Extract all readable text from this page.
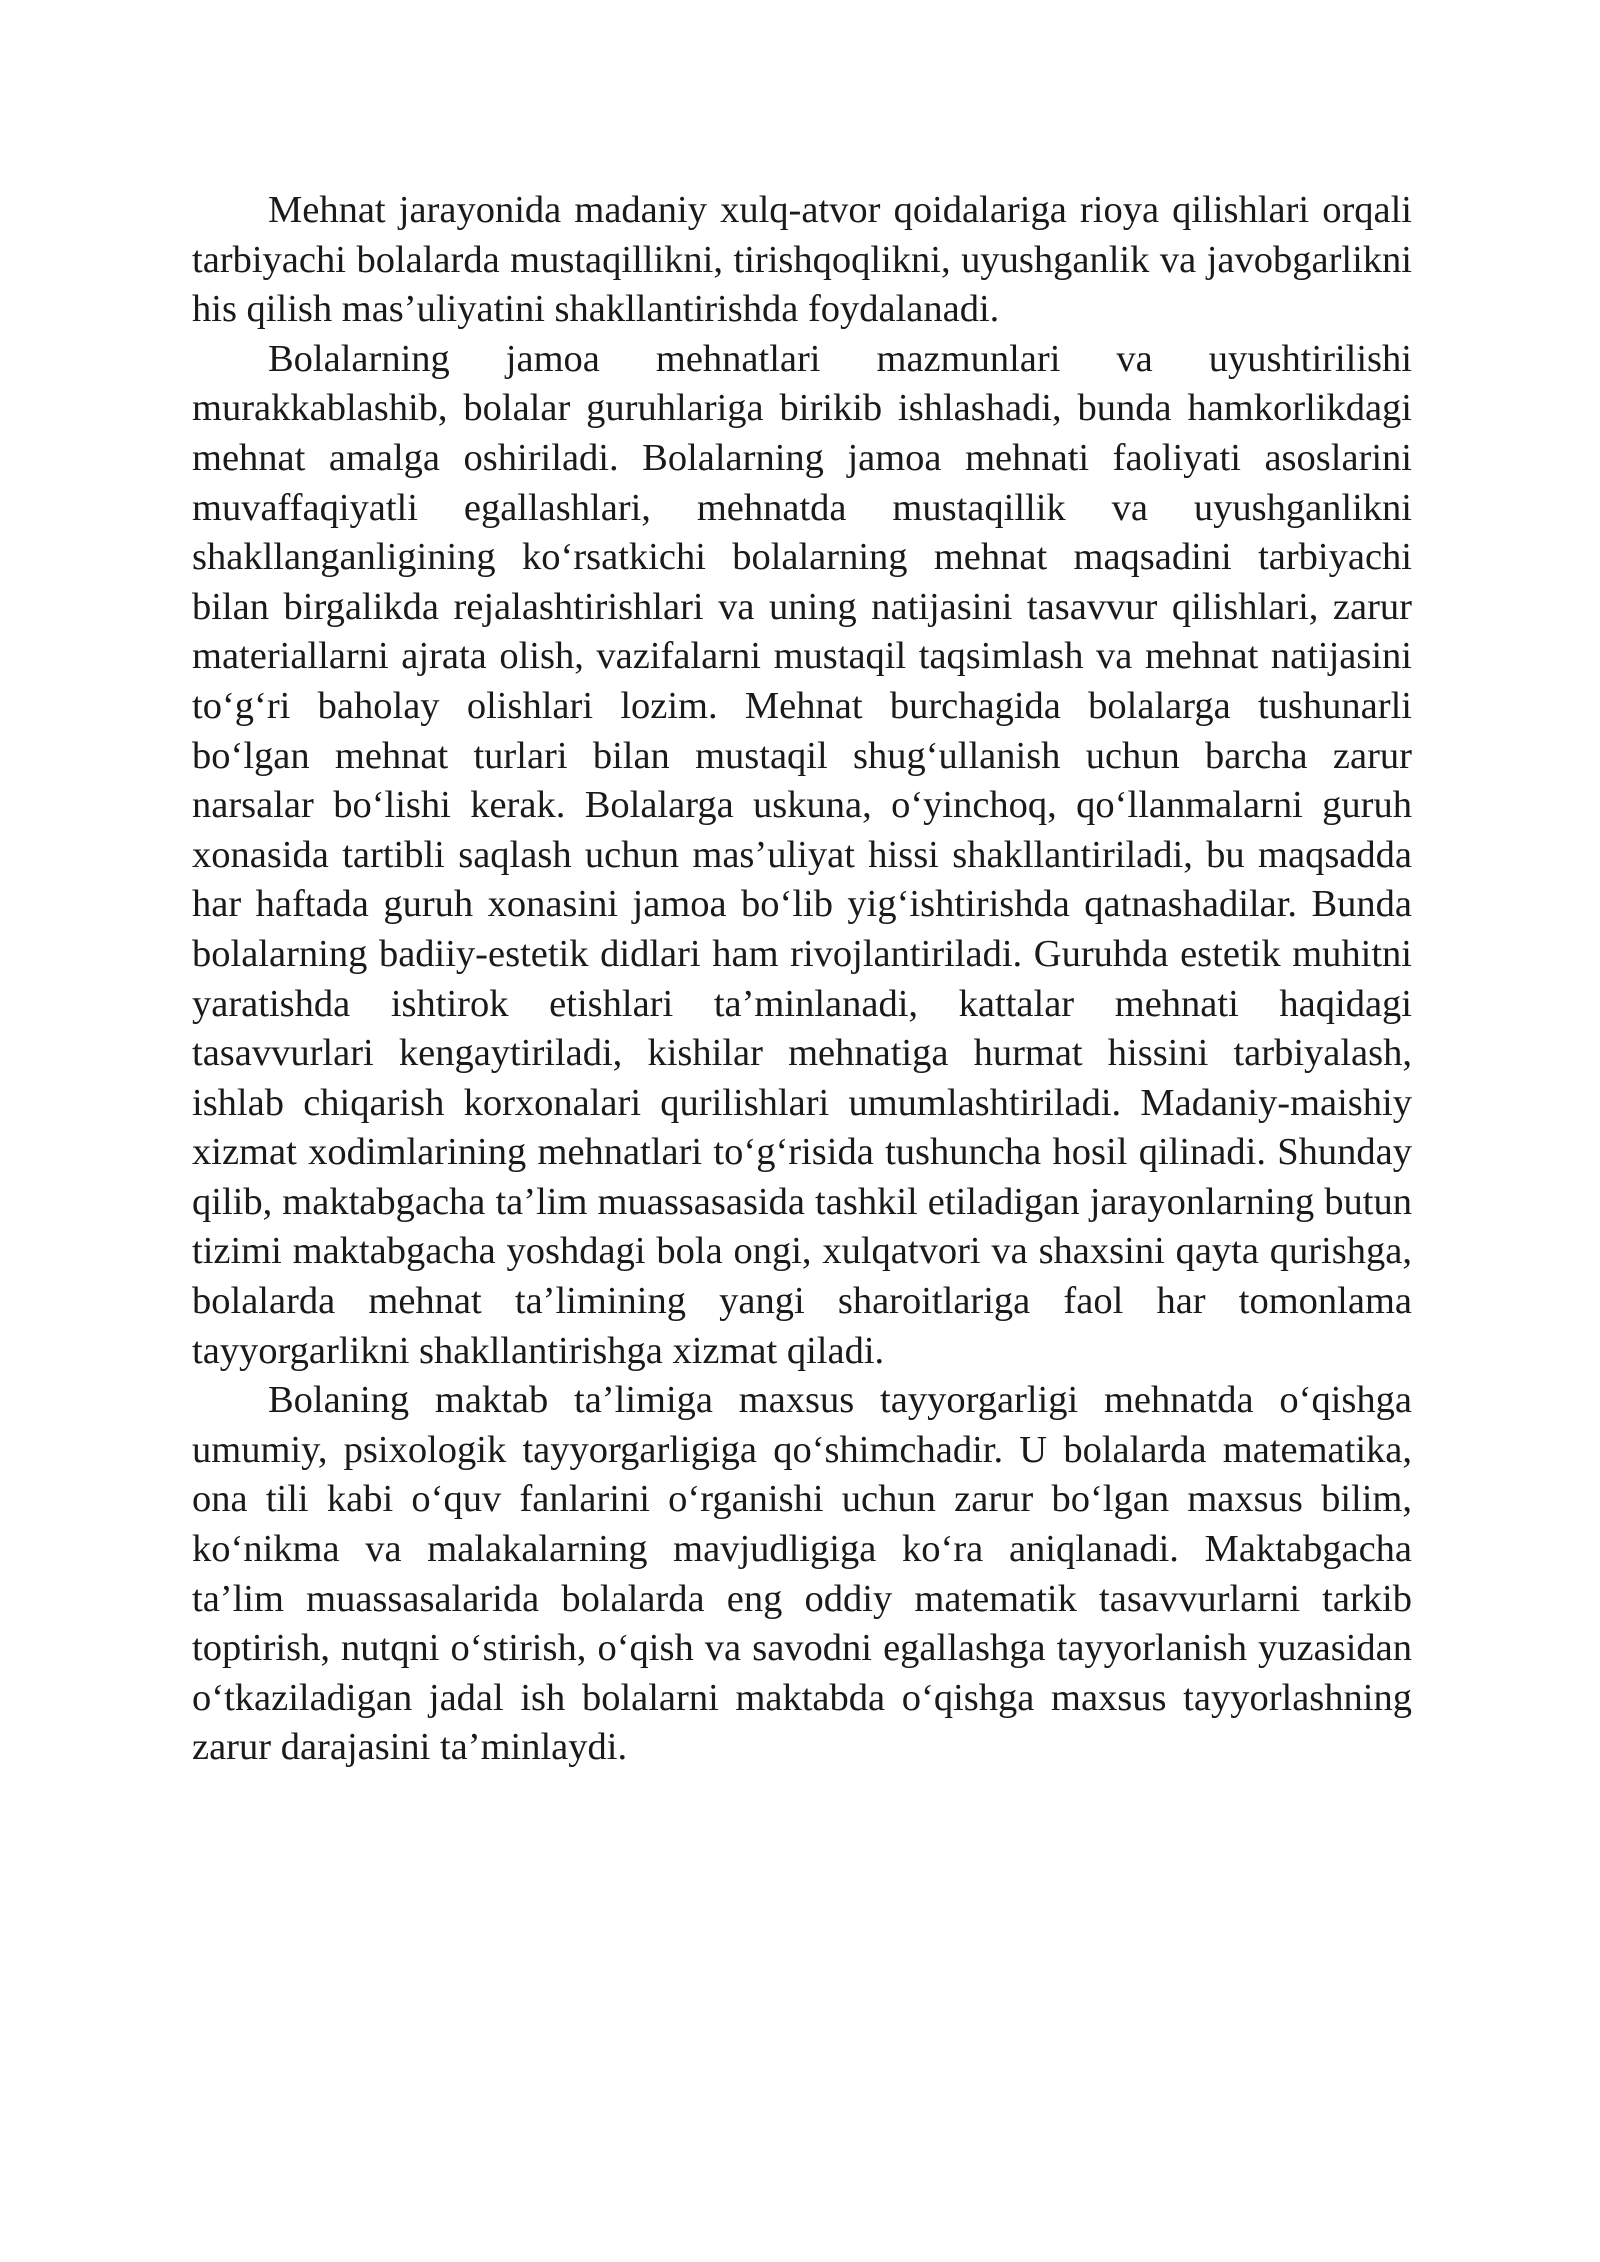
Mehnat jarayonida madaniy xulq-atvor qoidalariga rioya qilishlari orqali tarbiyachi bolalarda mustaqillikni, tirishqoqlikni, uyushganlik va javobgarlikni his qilish mas’uliyatini shakllantirishda foydalanadi.

Bolalarning jamoa mehnatlari mazmunlari va uyushtirilishi murakkablashib, bolalar guruhlariga birikib ishlashadi, bunda hamkorlikdagi mehnat amalga oshiriladi. Bolalarning jamoa mehnati faoliyati asoslarini muvaffaqiyatli egallashlari, mehnatda mustaqillik va uyushganlikni shakllanganligining ko‘rsatkichi bolalarning mehnat maqsadini tarbiyachi bilan birgalikda rejalashtirishlari va uning natijasini tasavvur qilishlari, zarur materiallarni ajrata olish, vazifalarni mustaqil taqsimlash va mehnat natijasini to‘g‘ri baholay olishlari lozim. Mehnat burchagida bolalarga tushunarli bo‘lgan mehnat turlari bilan mustaqil shug‘ullanish uchun barcha zarur narsalar bo‘lishi kerak. Bolalarga uskuna, o‘yinchoq, qo‘llanmalarni guruh xonasida tartibli saqlash uchun mas’uliyat hissi shakllantiriladi, bu maqsadda har haftada guruh xonasini jamoa bo‘lib yig‘ishtirishda qatnashadilar. Bunda bolalarning badiiy-estetik didlari ham rivojlantiriladi. Guruhda estetik muhitni yaratishda ishtirok etishlari ta’minlanadi, kattalar mehnati haqidagi tasavvurlari kengaytiriladi, kishilar mehnatiga hurmat hissini tarbiyalash, ishlab chiqarish korxonalari qurilishlari umumlashtiriladi. Madaniy-maishiy xizmat xodimlarining mehnatlari to‘g‘risida tushuncha hosil qilinadi. Shunday qilib, maktabgacha ta’lim muassasasida tashkil etiladigan jarayonlarning butun tizimi maktabgacha yoshdagi bola ongi, xulqatvori va shaxsini qayta qurishga, bolalarda mehnat ta’limining yangi sharoitlariga faol har tomonlama tayyorgarlikni shakllantirishga xizmat qiladi.

Bolaning maktab ta’limiga maxsus tayyorgarligi mehnatda o‘qishga umumiy, psixologik tayyorgarligiga qo‘shimchadir. U bolalarda matematika, ona tili kabi o‘quv fanlarini o‘rganishi uchun zarur bo‘lgan maxsus bilim, ko‘nikma va malakalarning mavjudligiga ko‘ra aniqlanadi. Maktabgacha ta’lim muassasalarida bolalarda eng oddiy matematik tasavvurlarni tarkib toptirish, nutqni o‘stirish, o‘qish va savodni egallashga tayyorlanish yuzasidan o‘tkaziladigan jadal ish bolalarni maktabda o‘qishga maxsus tayyorlashning zarur darajasini ta’minlaydi.
